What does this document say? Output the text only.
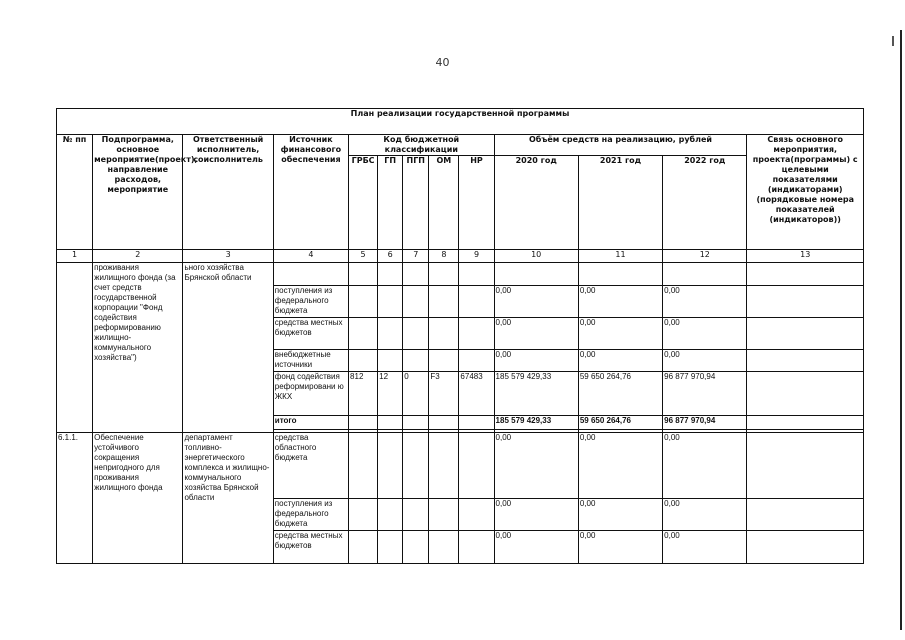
40
План реализации государственной программы												
№ пп	Подпрограмма, основное мероприятие(проект), направление расходов, мероприятие	Ответственный исполнитель, соисполнитель	Источник финансового обеспечения	Код бюджетной классификации					Объём средств на реализацию, рублей			Связь основного мероприятия, проекта(программы) с целевыми показателями (индикаторами) (порядковые номера показателей (индикаторов))
				ГРБС	ГП	ПГП	ОМ	НР	2020 год	2021 год	2022 год	
1	2	3	4	5	6	7	8	9	10	11	12	13
	проживания жилищного фонда (за счет средств государственной корпорации "Фонд содействия реформированию жилищно-коммунального хозяйства")	ьного хозяйства Брянской области										
			поступления из федерального бюджета						0,00	0,00	0,00	
			средства местных бюджетов						0,00	0,00	0,00	
			внебюджетные источники						0,00	0,00	0,00	
			фонд содействия реформировани ю ЖКХ	812	12	0	F3	67483	185 579 429,33	59 650 264,76	96 877 970,94	
			итого						185 579 429,33	59 650 264,76	96 877 970,94	

6.1.1.	Обеспечение устойчивого сокращения непригодного для проживания жилищного фонда	департамент топливно-энергетического комплекса и жилищно-коммунального хозяйства Брянской области	средства областного бюджета						0,00	0,00	0,00	
			поступления из федерального бюджета						0,00	0,00	0,00	
			средства местных бюджетов						0,00	0,00	0,00	
